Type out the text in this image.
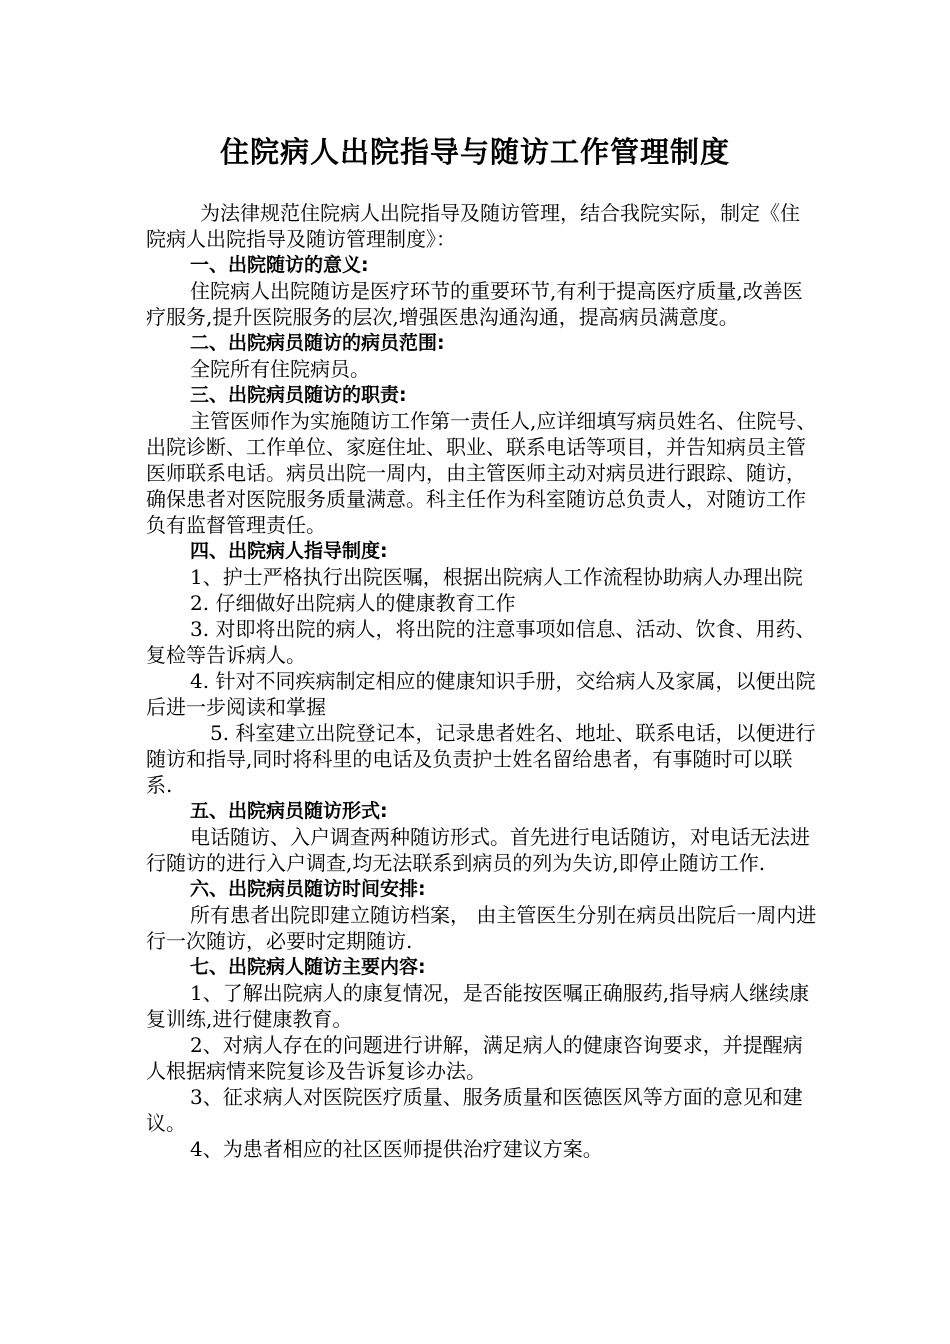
住院病人出院指导与随访工作管理制度

为法律规范住院病人出院指导及随访管理，结合我院实际，制定《住院病人出院指导及随访管理制度》：

一、出院随访的意义:

住院病人出院随访是医疗环节的重要环节,有利于提高医疗质量,改善医疗服务,提升医院服务的层次,增强医患沟通沟通，提高病员满意度。

二、出院病员随访的病员范围:

全院所有住院病员。

三、出院病员随访的职责:

主管医师作为实施随访工作第一责任人,应详细填写病员姓名、住院号、出院诊断、工作单位、家庭住址、职业、联系电话等项目，并告知病员主管医师联系电话。病员出院一周内，由主管医师主动对病员进行跟踪、随访，确保患者对医院服务质量满意。科主任作为科室随访总负责人，对随访工作负有监督管理责任。

四、出院病人指导制度:

1、护士严格执行出院医嘱，根据出院病人工作流程协助病人办理出院

2. 仔细做好出院病人的健康教育工作

3. 对即将出院的病人，将出院的注意事项如信息、活动、饮食、用药、复检等告诉病人。

4. 针对不同疾病制定相应的健康知识手册，交给病人及家属，以便出院后进一步阅读和掌握

5. 科室建立出院登记本，记录患者姓名、地址、联系电话，以便进行随访和指导,同时将科里的电话及负责护士姓名留给患者，有事随时可以联系.

五、出院病员随访形式:

电话随访、入户调查两种随访形式。首先进行电话随访，对电话无法进行随访的进行入户调查,均无法联系到病员的列为失访,即停止随访工作.

六、出院病员随访时间安排:

所有患者出院即建立随访档案， 由主管医生分别在病员出院后一周内进行一次随访，必要时定期随访.

七、出院病人随访主要内容:

1、了解出院病人的康复情况，是否能按医嘱正确服药,指导病人继续康复训练,进行健康教育。

2、对病人存在的问题进行讲解，满足病人的健康咨询要求，并提醒病人根据病情来院复诊及告诉复诊办法。

3、征求病人对医院医疗质量、服务质量和医德医风等方面的意见和建议。

4、为患者相应的社区医师提供治疗建议方案。
